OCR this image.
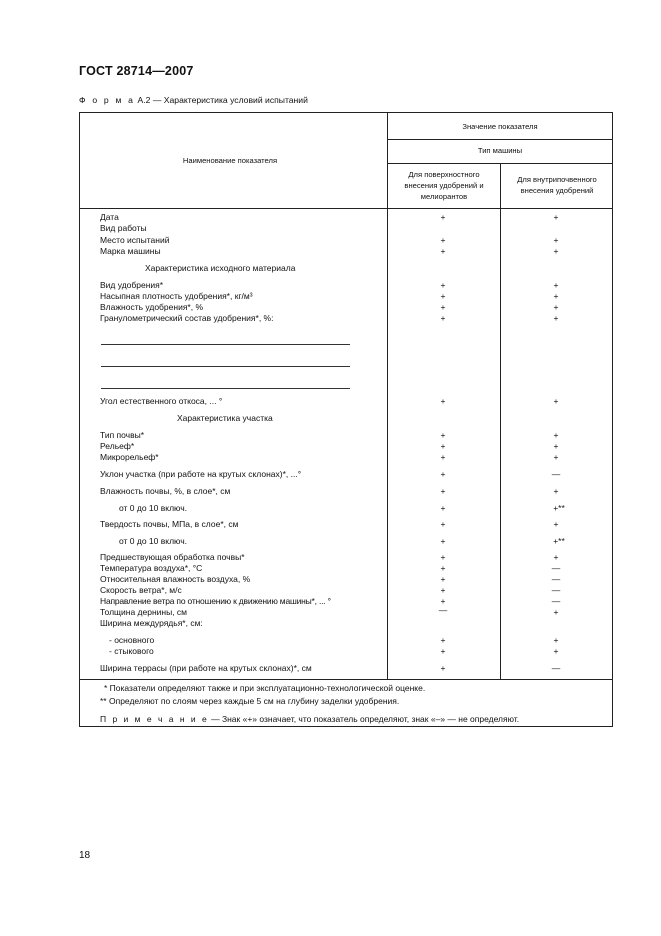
ГОСТ 28714—2007
Ф о р м а А.2 — Характеристика условий испытаний
Наименование показателя
Значение показателя
Тип машины
Для поверхностного
внесения удобрений и
мелиорантов
Для внутрипочвенного
внесения удобрений
Дата	+	+
Вид работы
Место испытаний	+	+
Марка машины	+	+
Характеристика исходного материала
Вид удобрения*	+	+
Насыпная плотность удобрения*, кг/м³	+	+
Влажность удобрения*, %	+	+
Гранулометрический состав удобрения*, %:	+	+
Угол естественного откоса, ... °	+	+
Характеристика участка
Тип почвы*	+	+
Рельеф*	+	+
Микрорельеф*	+	+
Уклон участка (при работе на крутых склонах)*, ...°	+	—
Влажность почвы, %, в слое*, см	+	+
от 0 до 10 включ.	+	+**
Твердость почвы, МПа, в слое*, см	+	+
от 0 до 10 включ.	+	+**
Предшествующая обработка почвы*	+	+
Температура воздуха*, °С	+	—
Относительная влажность воздуха, %	+	—
Скорость ветра*, м/с	+	—
Направление ветра по отношению к движению машины*, ... °	+	—
Толщина дернины, см	—	+
Ширина междурядья*, см:
- основного	+	+
- стыкового	+	+
Ширина террасы (при работе на крутых склонах)*, см	+	—
* Показатели определяют также и при эксплуатационно-технологической оценке.
** Определяют по слоям через каждые 5 см на глубину заделки удобрения.
П р и м е ч а н и е — Знак «+» означает, что показатель определяют, знак «–» — не определяют.
18
